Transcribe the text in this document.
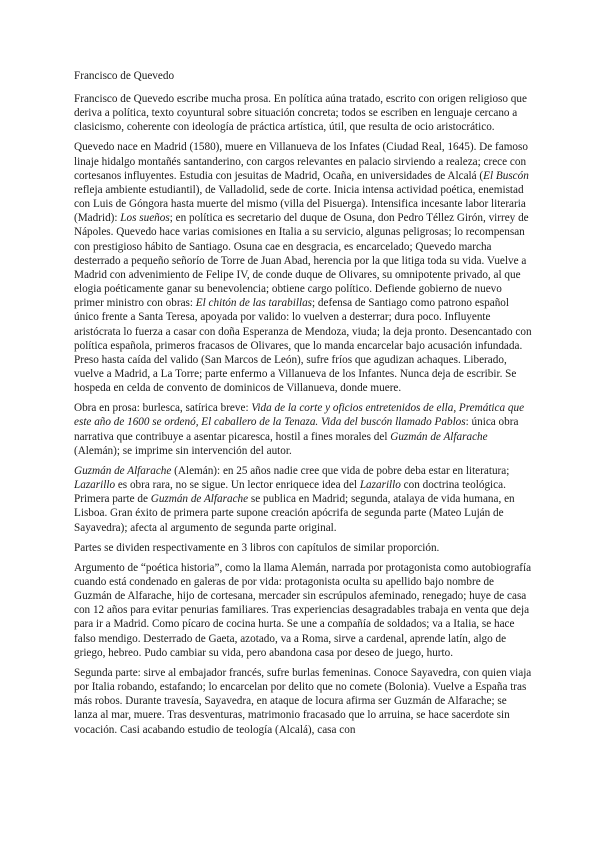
Francisco de Quevedo

Francisco de Quevedo escribe mucha prosa. En política aúna tratado, escrito con origen religioso que deriva a política, texto coyuntural sobre situación concreta; todos se escriben en lenguaje cercano a clasicismo, coherente con ideología de práctica artística, útil, que resulta de ocio aristocrático.

Quevedo nace en Madrid (1580), muere en Villanueva de los Infates (Ciudad Real, 1645). De famoso linaje hidalgo montañés santanderino, con cargos relevantes en palacio sirviendo a realeza; crece con cortesanos influyentes. Estudia con jesuitas de Madrid, Ocaña, en universidades de Alcalá (El Buscón refleja ambiente estudiantil), de Valladolid, sede de corte. Inicia intensa actividad poética, enemistad con Luis de Góngora hasta muerte del mismo (villa del Pisuerga). Intensifica incesante labor literaria (Madrid): Los sueños; en política es secretario del duque de Osuna, don Pedro Téllez Girón, virrey de Nápoles. Quevedo hace varias comisiones en Italia a su servicio, algunas peligrosas; lo recompensan con prestigioso hábito de Santiago. Osuna cae en desgracia, es encarcelado; Quevedo marcha desterrado a pequeño señorío de Torre de Juan Abad, herencia por la que litiga toda su vida. Vuelve a Madrid con advenimiento de Felipe IV, de conde duque de Olivares, su omnipotente privado, al que elogia poéticamente ganar su benevolencia; obtiene cargo político. Defiende gobierno de nuevo primer ministro con obras: El chitón de las tarabillas; defensa de Santiago como patrono español único frente a Santa Teresa, apoyada por valido: lo vuelven a desterrar; dura poco. Influyente aristócrata lo fuerza a casar con doña Esperanza de Mendoza, viuda; la deja pronto. Desencantado con política española, primeros fracasos de Olivares, que lo manda encarcelar bajo acusación infundada. Preso hasta caída del valido (San Marcos de León), sufre fríos que agudizan achaques. Liberado, vuelve a Madrid, a La Torre; parte enfermo a Villanueva de los Infantes. Nunca deja de escribir. Se hospeda en celda de convento de dominicos de Villanueva, donde muere.

Obra en prosa: burlesca, satírica breve: Vida de la corte y oficios entretenidos de ella, Premática que este año de 1600 se ordenó, El caballero de la Tenaza. Vida del buscón llamado Pablos: única obra narrativa que contribuye a asentar picaresca, hostil a fines morales del Guzmán de Alfarache (Alemán); se imprime sin intervención del autor.

Guzmán de Alfarache (Alemán): en 25 años nadie cree que vida de pobre deba estar en literatura; Lazarillo es obra rara, no se sigue. Un lector enriquece idea del Lazarillo con doctrina teológica. Primera parte de Guzmán de Alfarache se publica en Madrid; segunda, atalaya de vida humana, en Lisboa. Gran éxito de primera parte supone creación apócrifa de segunda parte (Mateo Luján de Sayavedra); afecta al argumento de segunda parte original.

Partes se dividen respectivamente en 3 libros con capítulos de similar proporción.

Argumento de “poética historia”, como la llama Alemán, narrada por protagonista como autobiografía cuando está condenado en galeras de por vida: protagonista oculta su apellido bajo nombre de Guzmán de Alfarache, hijo de cortesana, mercader sin escrúpulos afeminado, renegado; huye de casa con 12 años para evitar penurias familiares. Tras experiencias desagradables trabaja en venta que deja para ir a Madrid. Como pícaro de cocina hurta. Se une a compañía de soldados; va a Italia, se hace falso mendigo. Desterrado de Gaeta, azotado, va a Roma, sirve a cardenal, aprende latín, algo de griego, hebreo. Pudo cambiar su vida, pero abandona casa por deseo de juego, hurto.

Segunda parte: sirve al embajador francés, sufre burlas femeninas. Conoce Sayavedra, con quien viaja por Italia robando, estafando; lo encarcelan por delito que no comete (Bolonia). Vuelve a España tras más robos. Durante travesía, Sayavedra, en ataque de locura afirma ser Guzmán de Alfarache; se lanza al mar, muere. Tras desventuras, matrimonio fracasado que lo arruina, se hace sacerdote sin vocación. Casi acabando estudio de teología (Alcalá), casa con
